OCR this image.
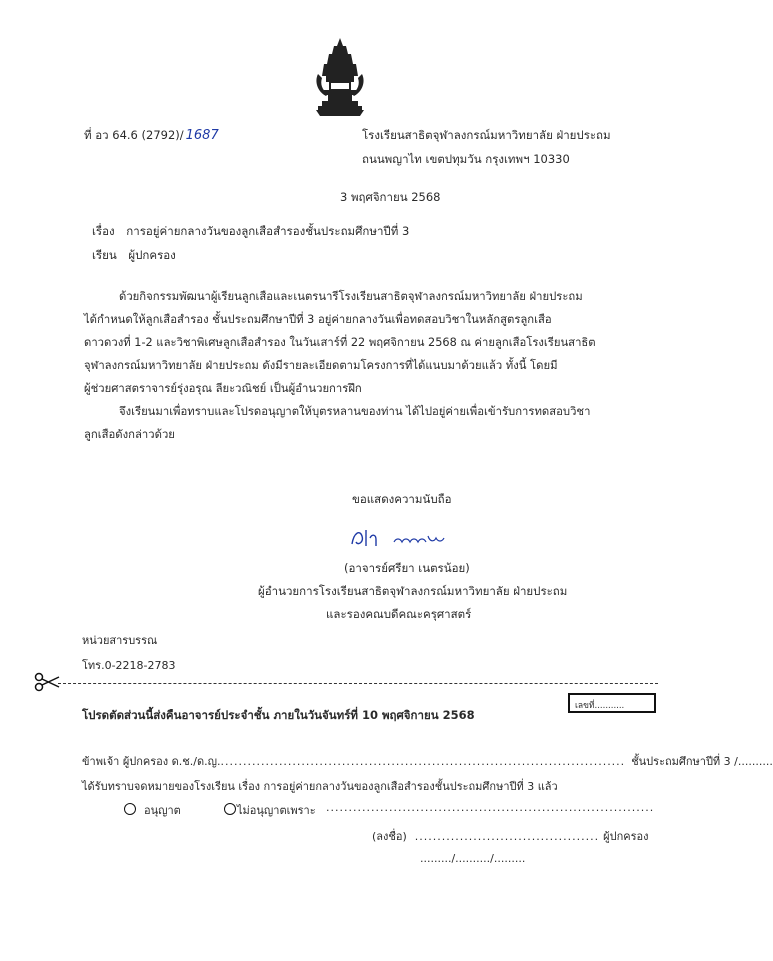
ที่ อว 64.6 (2792)/ 1687	โรงเรียนสาธิตจุฬาลงกรณ์มหาวิทยาลัย ฝ่ายประถม
ถนนพญาไท เขตปทุมวัน กรุงเทพฯ 10330
3 พฤศจิกายน 2568
เรื่อง การอยู่ค่ายกลางวันของลูกเสือสำรองชั้นประถมศึกษาปีที่ 3
เรียน ผู้ปกครอง
ด้วยกิจกรรมพัฒนาผู้เรียนลูกเสือและเนตรนารีโรงเรียนสาธิตจุฬาลงกรณ์มหาวิทยาลัย ฝ่ายประถม
ได้กำหนดให้ลูกเสือสำรอง ชั้นประถมศึกษาปีที่ 3 อยู่ค่ายกลางวันเพื่อทดสอบวิชาในหลักสูตรลูกเสือ
ดาวดวงที่ 1-2 และวิชาพิเศษลูกเสือสำรอง ในวันเสาร์ที่ 22 พฤศจิกายน 2568 ณ ค่ายลูกเสือโรงเรียนสาธิต
จุฬาลงกรณ์มหาวิทยาลัย ฝ่ายประถม ดังมีรายละเอียดตามโครงการที่ได้แนบมาด้วยแล้ว ทั้งนี้ โดยมี
ผู้ช่วยศาสตราจารย์รุ่งอรุณ ลียะวณิชย์ เป็นผู้อำนวยการฝึก
จึงเรียนมาเพื่อทราบและโปรดอนุญาตให้บุตรหลานของท่าน ได้ไปอยู่ค่ายเพื่อเข้ารับการทดสอบวิชา
ลูกเสือดังกล่าวด้วย
ขอแสดงความนับถือ
(อาจารย์ศรียา เนตรน้อย)
ผู้อำนวยการโรงเรียนสาธิตจุฬาลงกรณ์มหาวิทยาลัย ฝ่ายประถม
และรองคณบดีคณะครุศาสตร์
หน่วยสารบรรณ
โทร.0-2218-2783
เลขที่...........
โปรดตัดส่วนนี้ส่งคืนอาจารย์ประจำชั้น ภายในวันจันทร์ที่ 10 พฤศจิกายน 2568
ข้าพเจ้า ผู้ปกครอง ด.ช./ด.ญ........................................................................................... ชั้นประถมศึกษาปีที่ 3 /..........
ได้รับทราบจดหมายของโรงเรียน เรื่อง การอยู่ค่ายกลางวันของลูกเสือสำรองชั้นประถมศึกษาปีที่ 3 แล้ว
อนุญาต	ไม่อนุญาตเพราะ .........................................................................
(ลงชื่อ) ......................................... ผู้ปกครอง
........./........../.........
